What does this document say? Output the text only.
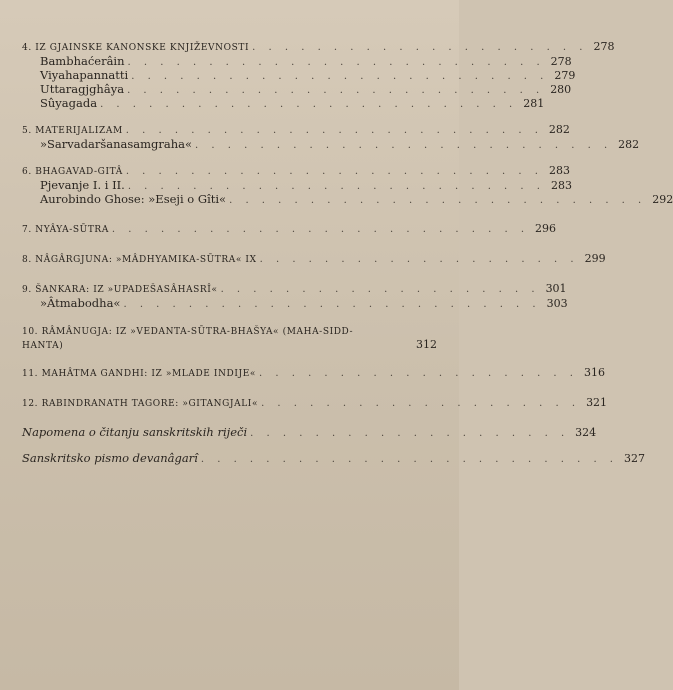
4. IZ GJAINSKE KANONSKE KNJIŽEVNOSTI . . . . . . . . . . . . . . . . . . . . . 278
Bambhaćerâin . . . . . . . . . . . . . . . . . . . . . . . . . . 278
Viyahapannatti . . . . . . . . . . . . . . . . . . . . . . . . . . 279
Uttaragjghâya . . . . . . . . . . . . . . . . . . . . . . . . . . 280
Sûyagada . . . . . . . . . . . . . . . . . . . . . . . . . . 281
5. MATERIJALIZAM . . . . . . . . . . . . . . . . . . . . . . . . . . 282
»Sarvadaršanasamgraha« . . . . . . . . . . . . . . . . . . . . . . . . . . 282
6. BHAGAVAD-GITÂ . . . . . . . . . . . . . . . . . . . . . . . . . . 283
Pjevanje I. i II. . . . . . . . . . . . . . . . . . . . . . . . . . . 283
Aurobindo Ghose: »Eseji o Gîti« . . . . . . . . . . . . . . . . . . . . . . . . . . 292
7. NYÂYA-SŪTRA . . . . . . . . . . . . . . . . . . . . . . . . . . 296
8. NÂGÂRGJUNA: »MÂDHYAMIKA-SŪTRA« IX . . . . . . . . . . . . . . . . . . . . 299
9. ŠANKARA: IZ »UPADEŠASÂHASRÎ« . . . . . . . . . . . . . . . . . . . . 301
»Âtmabodha« . . . . . . . . . . . . . . . . . . . . . . . . . . 303
10. RÂMÂNUGJA: IZ »VEDANTA-SŪTRA-BHAŠYA« (MAHA-SIDD-
HANTA)	312
11. MAHÂTMA GANDHI: IZ »MLADE INDIJE« . . . . . . . . . . . . . . . . . . . . 316
12. RABINDRANATH TAGORE: »GITANGJALI« . . . . . . . . . . . . . . . . . . . . 321
Napomena o čitanju sanskritskih riječi . . . . . . . . . . . . . . . . . . . . 324
Sanskritsko pismo devanâgarî . . . . . . . . . . . . . . . . . . . . . . . . . . 327
